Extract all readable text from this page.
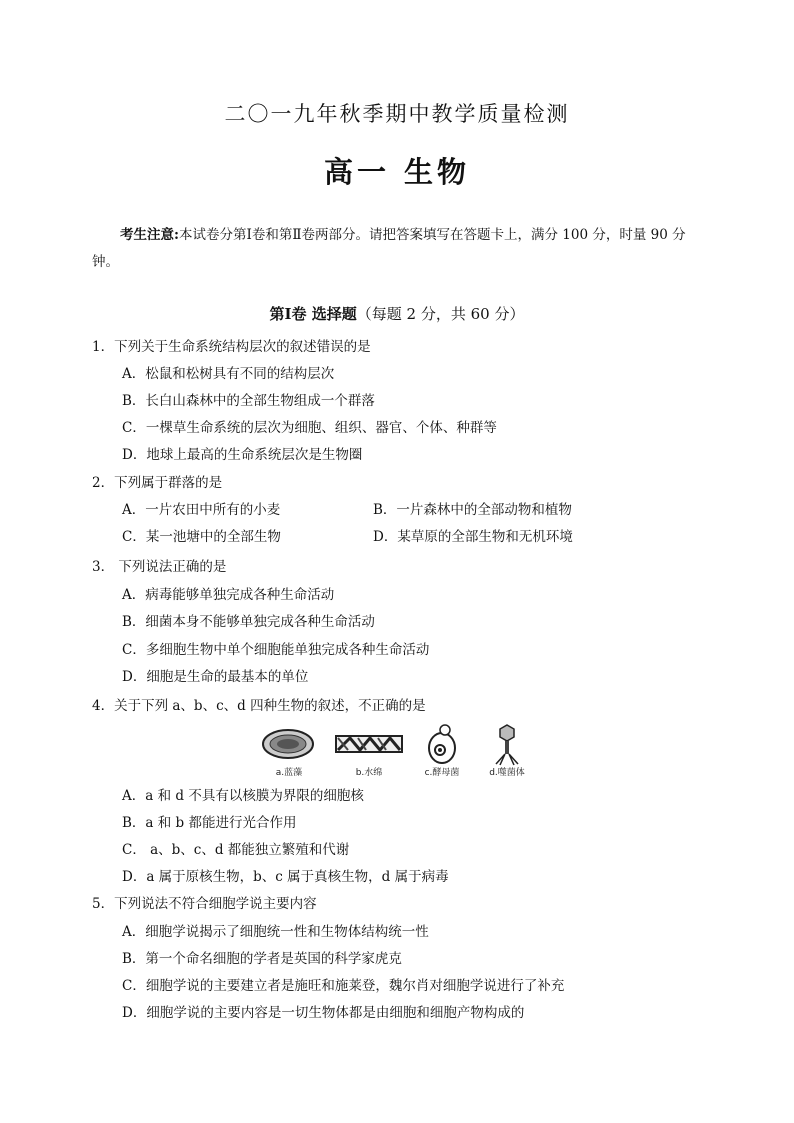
二〇一九年秋季期中教学质量检测
高一 生物
考生注意:本试卷分第Ⅰ卷和第Ⅱ卷两部分。请把答案填写在答题卡上，满分 100 分，时量 90 分钟。
第Ⅰ卷 选择题（每题 2 分，共 60 分）
1．下列关于生命系统结构层次的叙述错误的是
A．松鼠和松树具有不同的结构层次
B．长白山森林中的全部生物组成一个群落
C．一棵草生命系统的层次为细胞、组织、器官、个体、种群等
D．地球上最高的生命系统层次是生物圈
2．下列属于群落的是
A．一片农田中所有的小麦	B．一片森林中的全部动物和植物
C．某一池塘中的全部生物	D．某草原的全部生物和无机环境
3． 下列说法正确的是
A．病毒能够单独完成各种生命活动
B．细菌本身不能够单独完成各种生命活动
C．多细胞生物中单个细胞能单独完成各种生命活动
D．细胞是生命的最基本的单位
4．关于下列 a、b、c、d 四种生物的叙述，不正确的是
a.蓝藻	b.水绵	c.酵母菌	d.噬菌体
A．a 和 d 不具有以核膜为界限的细胞核
B．a 和 b 都能进行光合作用
C． a、b、c、d 都能独立繁殖和代谢
D．a 属于原核生物，b、c 属于真核生物，d 属于病毒
5．下列说法不符合细胞学说主要内容
A．细胞学说揭示了细胞统一性和生物体结构统一性
B．第一个命名细胞的学者是英国的科学家虎克
C．细胞学说的主要建立者是施旺和施莱登，魏尔肖对细胞学说进行了补充
D．细胞学说的主要内容是一切生物体都是由细胞和细胞产物构成的
